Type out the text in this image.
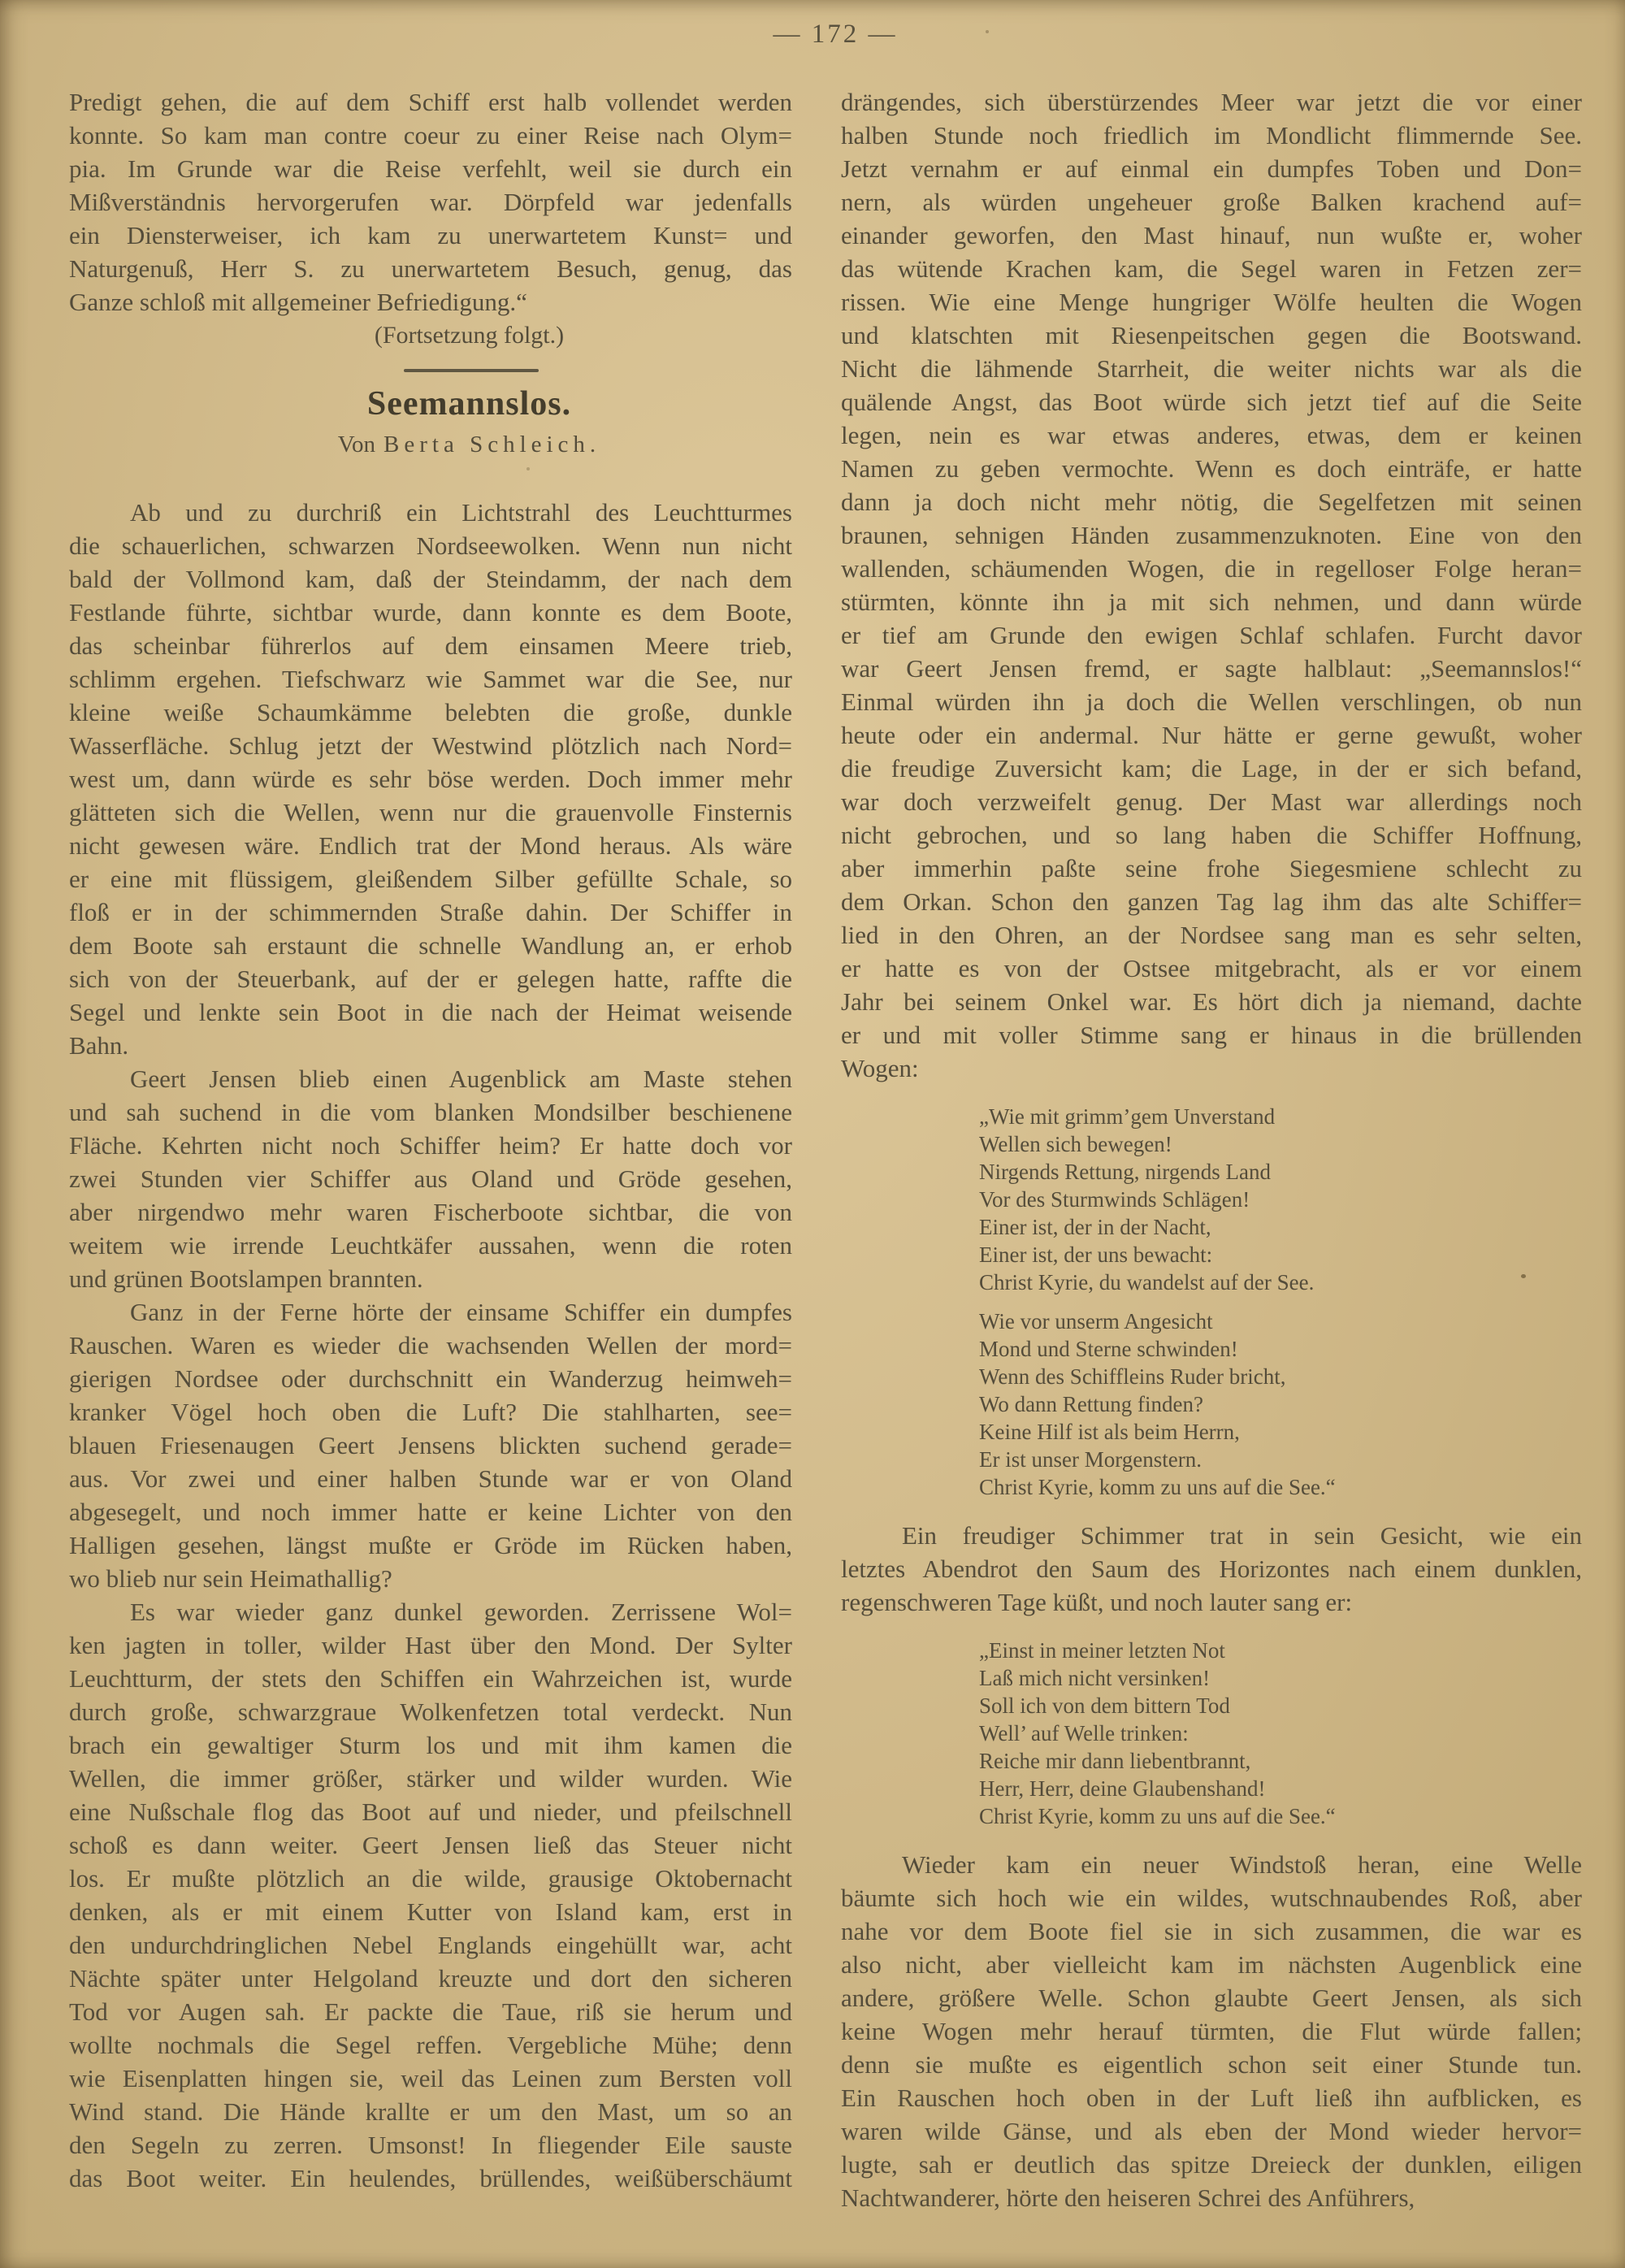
— 172 —
Predigt gehen, die auf dem Schiff erst halb vollendet werden
konnte. So kam man contre coeur zu einer Reise nach Olym=
pia. Im Grunde war die Reise verfehlt, weil sie durch ein
Mißverständnis hervorgerufen war. Dörpfeld war jedenfalls
ein Diensterweiser, ich kam zu unerwartetem Kunst= und
Naturgenuß, Herr S. zu unerwartetem Besuch, genug, das
Ganze schloß mit allgemeiner Befriedigung.“
(Fortsetzung folgt.)
Seemannslos.
Von Berta Schleich.
Ab und zu durchriß ein Lichtstrahl des Leuchtturmes
die schauerlichen, schwarzen Nordseewolken. Wenn nun nicht
bald der Vollmond kam, daß der Steindamm, der nach dem
Festlande führte, sichtbar wurde, dann konnte es dem Boote,
das scheinbar führerlos auf dem einsamen Meere trieb,
schlimm ergehen. Tiefschwarz wie Sammet war die See, nur
kleine weiße Schaumkämme belebten die große, dunkle
Wasserfläche. Schlug jetzt der Westwind plötzlich nach Nord=
west um, dann würde es sehr böse werden. Doch immer mehr
glätteten sich die Wellen, wenn nur die grauenvolle Finsternis
nicht gewesen wäre. Endlich trat der Mond heraus. Als wäre
er eine mit flüssigem, gleißendem Silber gefüllte Schale, so
floß er in der schimmernden Straße dahin. Der Schiffer in
dem Boote sah erstaunt die schnelle Wandlung an, er erhob
sich von der Steuerbank, auf der er gelegen hatte, raffte die
Segel und lenkte sein Boot in die nach der Heimat weisende
Bahn.
Geert Jensen blieb einen Augenblick am Maste stehen
und sah suchend in die vom blanken Mondsilber beschienene
Fläche. Kehrten nicht noch Schiffer heim? Er hatte doch vor
zwei Stunden vier Schiffer aus Oland und Gröde gesehen,
aber nirgendwo mehr waren Fischerboote sichtbar, die von
weitem wie irrende Leuchtkäfer aussahen, wenn die roten
und grünen Bootslampen brannten.
Ganz in der Ferne hörte der einsame Schiffer ein dumpfes
Rauschen. Waren es wieder die wachsenden Wellen der mord=
gierigen Nordsee oder durchschnitt ein Wanderzug heimweh=
kranker Vögel hoch oben die Luft? Die stahlharten, see=
blauen Friesenaugen Geert Jensens blickten suchend gerade=
aus. Vor zwei und einer halben Stunde war er von Oland
abgesegelt, und noch immer hatte er keine Lichter von den
Halligen gesehen, längst mußte er Gröde im Rücken haben,
wo blieb nur sein Heimathallig?
Es war wieder ganz dunkel geworden. Zerrissene Wol=
ken jagten in toller, wilder Hast über den Mond. Der Sylter
Leuchtturm, der stets den Schiffen ein Wahrzeichen ist, wurde
durch große, schwarzgraue Wolkenfetzen total verdeckt. Nun
brach ein gewaltiger Sturm los und mit ihm kamen die
Wellen, die immer größer, stärker und wilder wurden. Wie
eine Nußschale flog das Boot auf und nieder, und pfeilschnell
schoß es dann weiter. Geert Jensen ließ das Steuer nicht
los. Er mußte plötzlich an die wilde, grausige Oktobernacht
denken, als er mit einem Kutter von Island kam, erst in
den undurchdringlichen Nebel Englands eingehüllt war, acht
Nächte später unter Helgoland kreuzte und dort den sicheren
Tod vor Augen sah. Er packte die Taue, riß sie herum und
wollte nochmals die Segel reffen. Vergebliche Mühe; denn
wie Eisenplatten hingen sie, weil das Leinen zum Bersten voll
Wind stand. Die Hände krallte er um den Mast, um so an
den Segeln zu zerren. Umsonst! In fliegender Eile sauste
das Boot weiter. Ein heulendes, brüllendes, weißüberschäumt
drängendes, sich überstürzendes Meer war jetzt die vor einer
halben Stunde noch friedlich im Mondlicht flimmernde See.
Jetzt vernahm er auf einmal ein dumpfes Toben und Don=
nern, als würden ungeheuer große Balken krachend auf=
einander geworfen, den Mast hinauf, nun wußte er, woher
das wütende Krachen kam, die Segel waren in Fetzen zer=
rissen. Wie eine Menge hungriger Wölfe heulten die Wogen
und klatschten mit Riesenpeitschen gegen die Bootswand.
Nicht die lähmende Starrheit, die weiter nichts war als die
quälende Angst, das Boot würde sich jetzt tief auf die Seite
legen, nein es war etwas anderes, etwas, dem er keinen
Namen zu geben vermochte. Wenn es doch einträfe, er hatte
dann ja doch nicht mehr nötig, die Segelfetzen mit seinen
braunen, sehnigen Händen zusammenzuknoten. Eine von den
wallenden, schäumenden Wogen, die in regelloser Folge heran=
stürmten, könnte ihn ja mit sich nehmen, und dann würde
er tief am Grunde den ewigen Schlaf schlafen. Furcht davor
war Geert Jensen fremd, er sagte halblaut: „Seemannslos!“
Einmal würden ihn ja doch die Wellen verschlingen, ob nun
heute oder ein andermal. Nur hätte er gerne gewußt, woher
die freudige Zuversicht kam; die Lage, in der er sich befand,
war doch verzweifelt genug. Der Mast war allerdings noch
nicht gebrochen, und so lang haben die Schiffer Hoffnung,
aber immerhin paßte seine frohe Siegesmiene schlecht zu
dem Orkan. Schon den ganzen Tag lag ihm das alte Schiffer=
lied in den Ohren, an der Nordsee sang man es sehr selten,
er hatte es von der Ostsee mitgebracht, als er vor einem
Jahr bei seinem Onkel war. Es hört dich ja niemand, dachte
er und mit voller Stimme sang er hinaus in die brüllenden
Wogen:
„Wie mit grimm’gem Unverstand
Wellen sich bewegen!
Nirgends Rettung, nirgends Land
Vor des Sturmwinds Schlägen!
Einer ist, der in der Nacht,
Einer ist, der uns bewacht:
Christ Kyrie, du wandelst auf der See.
Wie vor unserm Angesicht
Mond und Sterne schwinden!
Wenn des Schiffleins Ruder bricht,
Wo dann Rettung finden?
Keine Hilf ist als beim Herrn,
Er ist unser Morgenstern.
Christ Kyrie, komm zu uns auf die See.“
Ein freudiger Schimmer trat in sein Gesicht, wie ein
letztes Abendrot den Saum des Horizontes nach einem dunklen,
regenschweren Tage küßt, und noch lauter sang er:
„Einst in meiner letzten Not
Laß mich nicht versinken!
Soll ich von dem bittern Tod
Well’ auf Welle trinken:
Reiche mir dann liebentbrannt,
Herr, Herr, deine Glaubenshand!
Christ Kyrie, komm zu uns auf die See.“
Wieder kam ein neuer Windstoß heran, eine Welle
bäumte sich hoch wie ein wildes, wutschnaubendes Roß, aber
nahe vor dem Boote fiel sie in sich zusammen, die war es
also nicht, aber vielleicht kam im nächsten Augenblick eine
andere, größere Welle. Schon glaubte Geert Jensen, als sich
keine Wogen mehr herauf türmten, die Flut würde fallen;
denn sie mußte es eigentlich schon seit einer Stunde tun.
Ein Rauschen hoch oben in der Luft ließ ihn aufblicken, es
waren wilde Gänse, und als eben der Mond wieder hervor=
lugte, sah er deutlich das spitze Dreieck der dunklen, eiligen
Nachtwanderer, hörte den heiseren Schrei des Anführers,
